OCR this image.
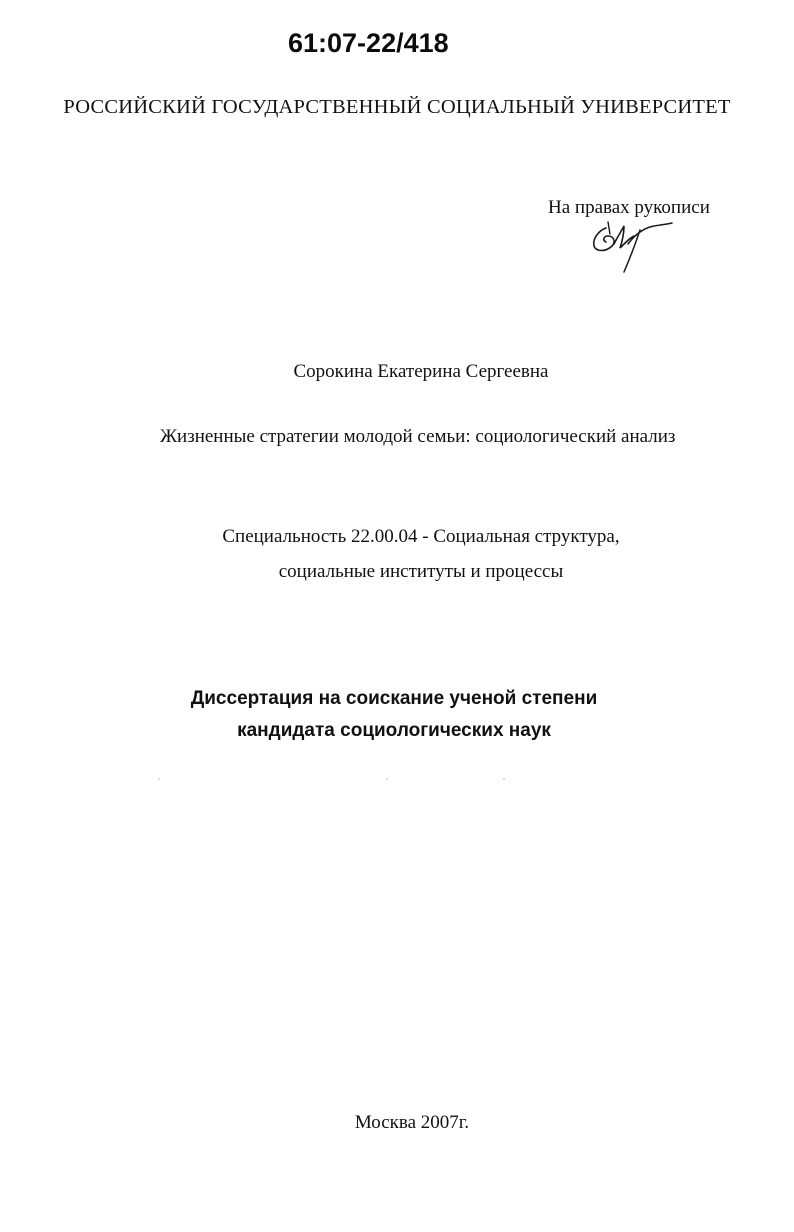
61:07-22/418
РОССИЙСКИЙ ГОСУДАРСТВЕННЫЙ СОЦИАЛЬНЫЙ УНИВЕРСИТЕТ
На правах рукописи
Сорокина Екатерина Сергеевна
Жизненные стратегии молодой семьи: социологический анализ
Специальность 22.00.04 - Социальная структура,
социальные институты и процессы
Диссертация на соискание ученой степени
кандидата социологических наук
Москва 2007г.
